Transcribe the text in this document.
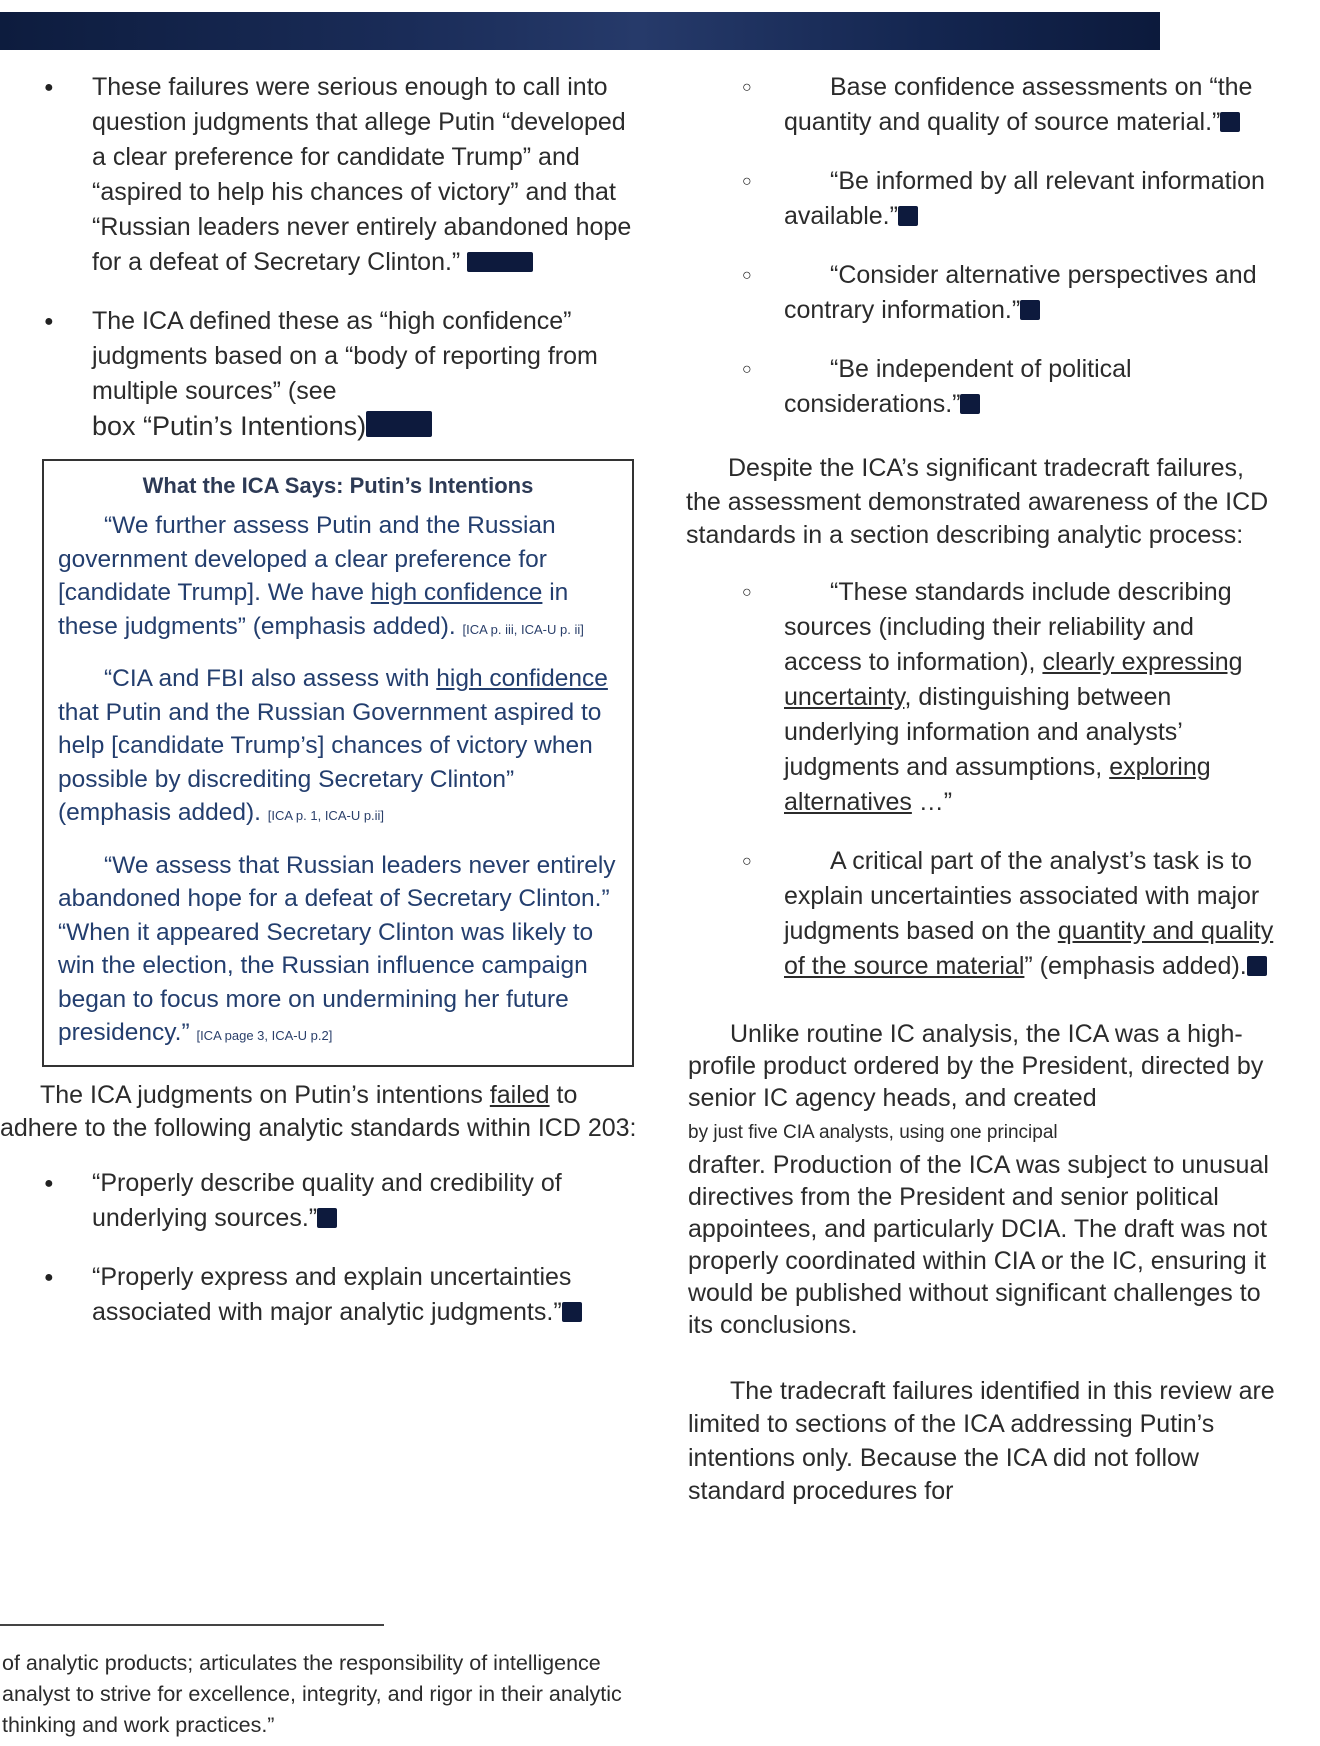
● These failures were serious enough to call into question judgments that allege Putin “developed a clear preference for candidate Trump” and “aspired to help his chances of victory” and that “Russian leaders never entirely abandoned hope for a defeat of Secretary Clinton.”
● The ICA defined these as “high confidence” judgments based on a “body of reporting from multiple sources” (see
box “Putin’s Intentions)
What the ICA Says: Putin’s Intentions

“We further assess Putin and the Russian government developed a clear preference for [candidate Trump]. We have high confidence in these judgments” (emphasis added). [ICA p. iii, ICA-U p. ii]

“CIA and FBI also assess with high confidence that Putin and the Russian Government aspired to help [candidate Trump’s] chances of victory when possible by discrediting Secretary Clinton” (emphasis added). [ICA p. 1, ICA-U p.ii]

“We assess that Russian leaders never entirely abandoned hope for a defeat of Secretary Clinton.” “When it appeared Secretary Clinton was likely to win the election, the Russian influence campaign began to focus more on undermining her future presidency.” [ICA page 3, ICA-U p.2]

The ICA judgments on Putin’s intentions failed to adhere to the following analytic standards within ICD 203:
● “Properly describe quality and credibility of underlying sources.”
● “Properly express and explain uncertainties associated with major analytic judgments.”
of analytic products; articulates the responsibility of intelligence analyst to strive for excellence, integrity, and rigor in their analytic thinking and work practices.”
○	Base confidence assessments on “the quantity and quality of source material.”
○	“Be informed by all relevant information available.”
○	“Consider alternative perspectives and contrary information.”
○	“Be independent of political considerations.”
Despite the ICA’s significant tradecraft failures, the assessment demonstrated awareness of the ICD standards in a section describing analytic process:
○	“These standards include describing sources (including their reliability and access to information), clearly expressing uncertainty, distinguishing between underlying information and analysts’ judgments and assumptions, exploring alternatives …”
○	A critical part of the analyst’s task is to explain uncertainties associated with major judgments based on the quantity and quality of the source material” (emphasis added).
Unlike routine IC analysis, the ICA was a high-profile product ordered by the President, directed by senior IC agency heads, and created
by just five CIA analysts, using one principal
drafter. Production of the ICA was subject to unusual directives from the President and senior political appointees, and particularly DCIA. The draft was not properly coordinated within CIA or the IC, ensuring it would be published without significant challenges to its conclusions.
The tradecraft failures identified in this review are limited to sections of the ICA addressing Putin’s intentions only. Because the ICA did not follow standard procedures for
